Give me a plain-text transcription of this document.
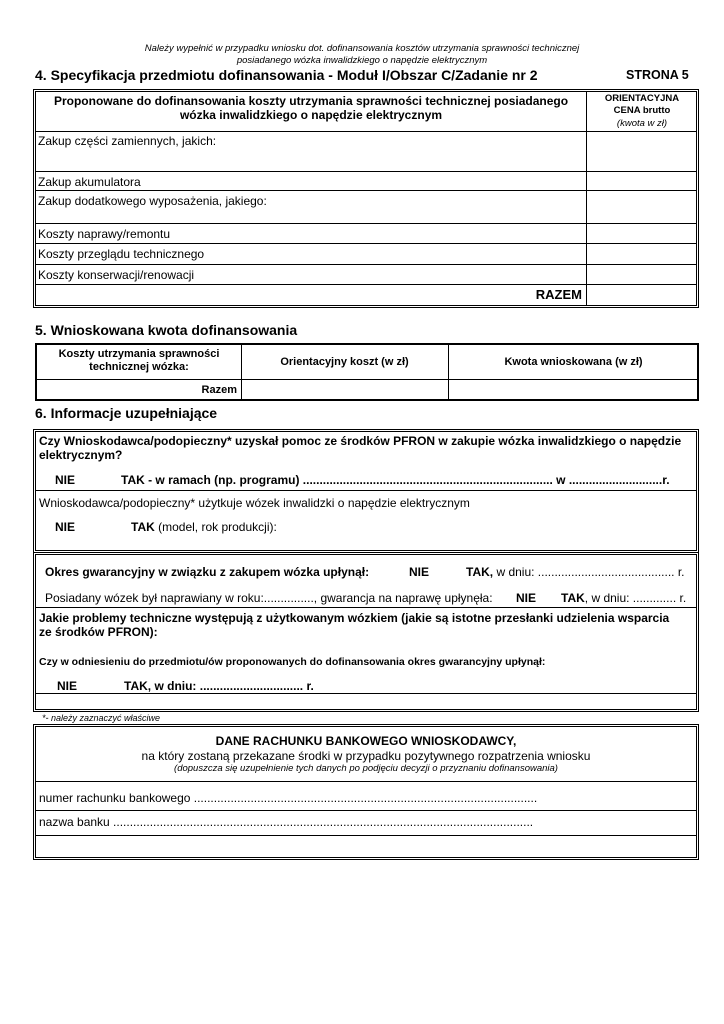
Należy wypełnić w przypadku wniosku dot. dofinansowania kosztów utrzymania sprawności technicznej
posiadanego wózka inwalidzkiego o napędzie elektrycznym
4. Specyfikacja przedmiotu dofinansowania - Moduł I/Obszar C/Zadanie nr 2	STRONA 5
Proponowane do dofinansowania koszty utrzymania sprawności technicznej posiadanego
wózka inwalidzkiego o napędzie elektrycznym
ORIENTACYJNA
CENA brutto
(kwota w zł)
Zakup części zamiennych, jakich:
Zakup akumulatora
Zakup dodatkowego wyposażenia, jakiego:
Koszty naprawy/remontu
Koszty przeglądu technicznego
Koszty konserwacji/renowacji
RAZEM
5. Wnioskowana kwota dofinansowania
Koszty utrzymania sprawności
technicznej wózka:	Orientacyjny koszt (w zł)	Kwota wnioskowana (w zł)
Razem
6. Informacje uzupełniające
Czy Wnioskodawca/podopieczny* uzyskał pomoc ze środków PFRON w zakupie wózka inwalidzkiego o napędzie
elektrycznym?
NIE	TAK - w ramach (np. programu) ........................................................................... w ............................r.
Wnioskodawca/podopieczny* użytkuje wózek inwalidzki o napędzie elektrycznym
NIE	TAK (model, rok produkcji):
Okres gwarancyjny w związku z zakupem wózka upłynął:	NIE	TAK, w dniu: ......................................... r.
Posiadany wózek był naprawiany w roku:..............., gwarancja na naprawę upłynęła: NIE TAK, w dniu: ............. r.
Jakie problemy techniczne występują z użytkowanym wózkiem (jakie są istotne przesłanki udzielenia wsparcia
ze środków PFRON):
Czy w odniesieniu do przedmiotu/ów proponowanych do dofinansowania okres gwarancyjny upłynął:
NIE	TAK, w dniu: ............................... r.
*- należy zaznaczyć właściwe
DANE RACHUNKU BANKOWEGO WNIOSKODAWCY,
na który zostaną przekazane środki w przypadku pozytywnego rozpatrzenia wniosku
(dopuszcza się uzupełnienie tych danych po podjęciu decyzji o przyznaniu dofinansowania)
numer rachunku bankowego .......................................................................................................
nazwa banku ..............................................................................................................................
